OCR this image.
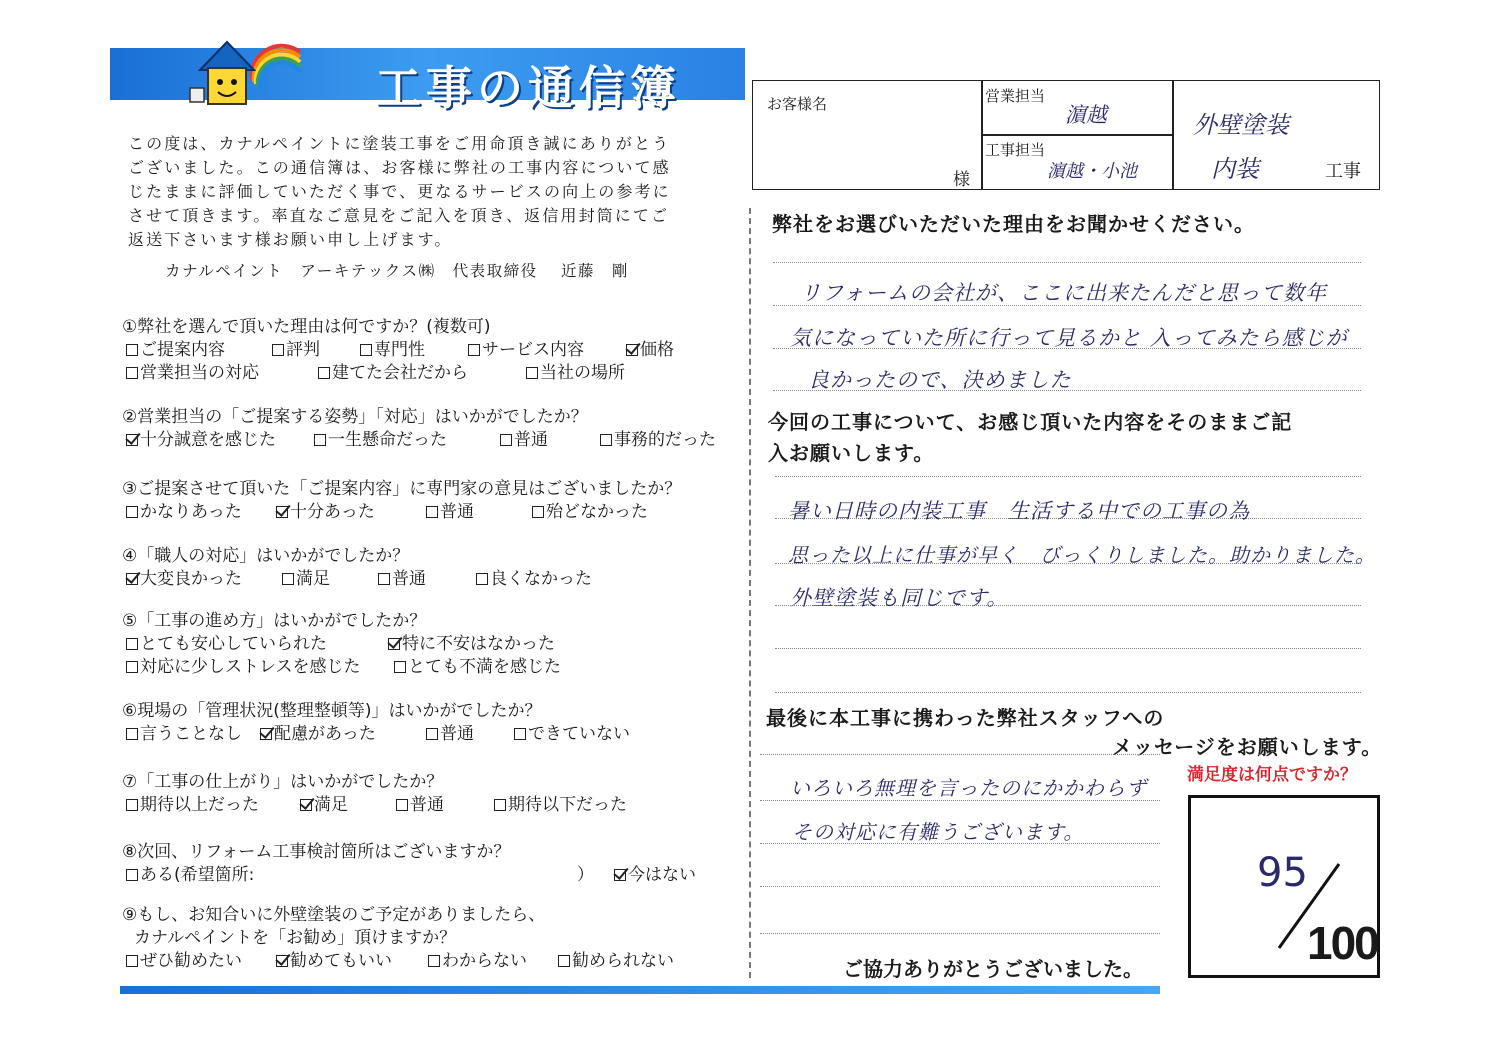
工事の通信簿

この度は、カナルペイントに塗装工事をご用命頂き誠にありがとう

ございました。この通信簿は、お客様に弊社の工事内容について感

じたままに評価していただく事で、更なるサービスの向上の参考に

させて頂きます。率直なご意見をご記入を頂き、返信用封筒にてご

返送下さいます様お願い申し上げます。

カナルペイント　アーキテックス㈱　代表取締役　 近藤　剛
①弊社を選んで頂いた理由は何ですか？(複数可)
ご提案内容	評判	専門性	サービス内容	価格
営業担当の対応	建てた会社だから	当社の場所
②営業担当の「ご提案する姿勢」「対応」はいかがでしたか？
十分誠意を感じた	一生懸命だった	普通	事務的だった
③ご提案させて頂いた「ご提案内容」に専門家の意見はございましたか？
かなりあった	十分あった	普通	殆どなかった
④「職人の対応」はいかがでしたか？
大変良かった	満足	普通	良くなかった
⑤「工事の進め方」はいかがでしたか？
とても安心していられた	特に不安はなかった
対応に少しストレスを感じた	とても不満を感じた
⑥現場の「管理状況(整理整頓等)」はいかがでしたか？
言うことなし	配慮があった	普通	できていない
⑦「工事の仕上がり」はいかがでしたか？
期待以上だった	満足	普通	期待以下だった
⑧次回、リフォーム工事検討箇所はございますか？
ある(希望箇所:	）	今はない
⑨もし、お知合いに外壁塗装のご予定がありましたら、
カナルペイントを「お勧め」頂けますか？
ぜひ勧めたい	勧めてもいい	わからない	勧められない
お客様名
様
営業担当
濵越
工事担当
濵越・小池
外壁塗装
内装	工事
弊社をお選びいただいた理由をお聞かせください。
リフォームの会社が、ここに出来たんだと思って数年
気になっていた所に行って見るかと 入ってみたら感じが
良かったので、決めました
今回の工事について、お感じ頂いた内容をそのままご記
入お願いします。
暑い日時の内装工事　生活する中での工事の為
思った以上に仕事が早く　びっくりしました。助かりました。
外壁塗装も同じです。
最後に本工事に携わった弊社スタッフへの
メッセージをお願いします。
いろいろ無理を言ったのにかかわらず
その対応に有難うございます。
満足度は何点ですか？
95
100
ご協力ありがとうございました。
